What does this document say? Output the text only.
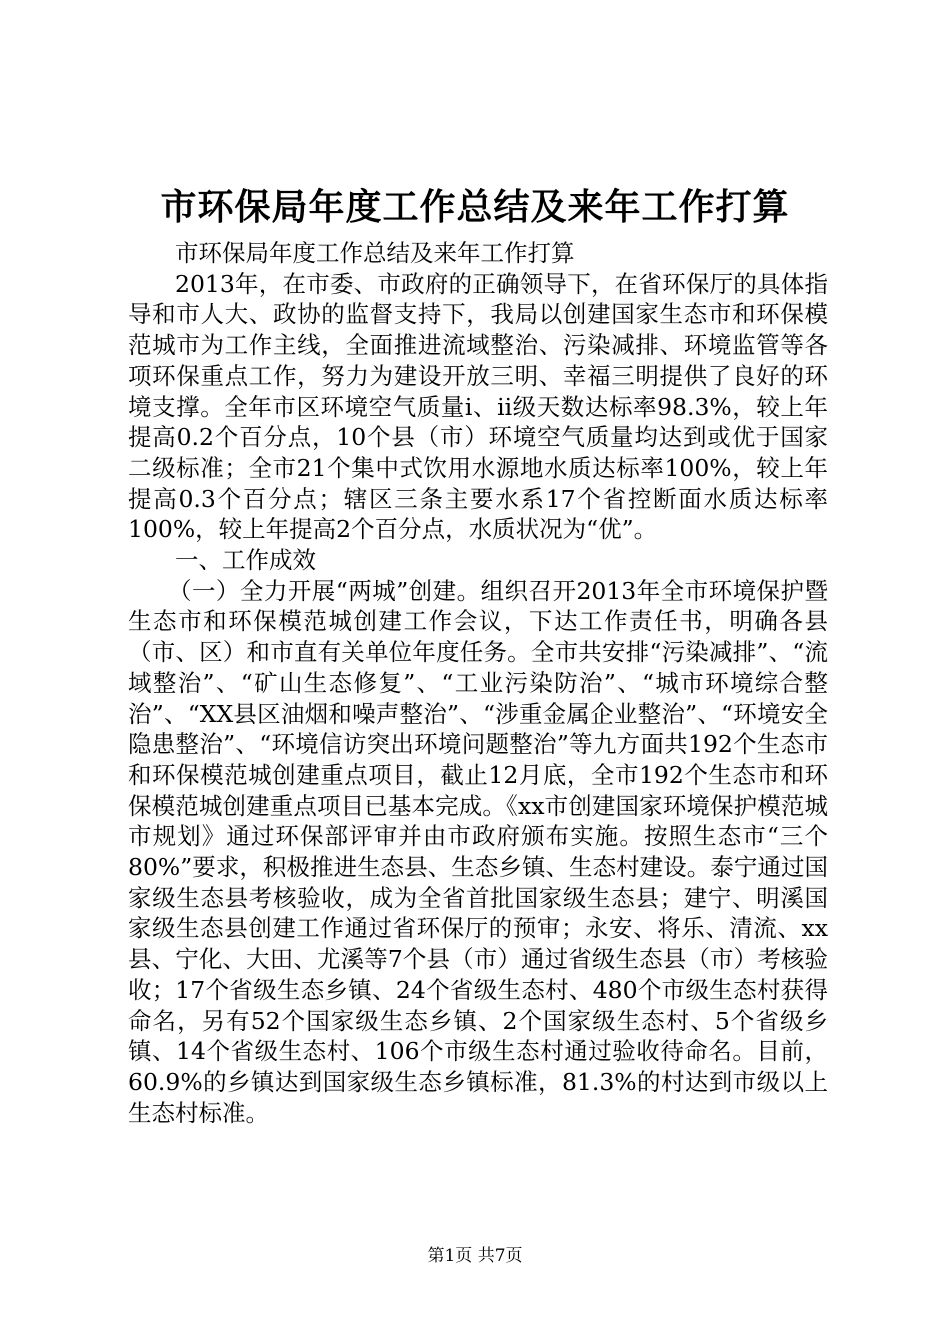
市环保局年度工作总结及来年工作打算

市环保局年度工作总结及来年工作打算

2013年，在市委、市政府的正确领导下，在省环保厅的具体指导和市人大、政协的监督支持下，我局以创建国家生态市和环保模范城市为工作主线，全面推进流域整治、污染减排、环境监管等各项环保重点工作，努力为建设开放三明、幸福三明提供了良好的环境支撑。全年市区环境空气质量ⅰ、ⅱ级天数达标率98.3%，较上年提高0.2个百分点，10个县（市）环境空气质量均达到或优于国家二级标准；全市21个集中式饮用水源地水质达标率100%，较上年提高0.3个百分点；辖区三条主要水系17个省控断面水质达标率100%，较上年提高2个百分点，水质状况为“优”。

一、工作成效

（一）全力开展“两城”创建。组织召开2013年全市环境保护暨生态市和环保模范城创建工作会议，下达工作责任书，明确各县（市、区）和市直有关单位年度任务。全市共安排“污染减排”、“流域整治”、“矿山生态修复”、“工业污染防治”、“城市环境综合整治”、“XX县区油烟和噪声整治”、“涉重金属企业整治”、“环境安全隐患整治”、“环境信访突出环境问题整治”等九方面共192个生态市和环保模范城创建重点项目，截止12月底，全市192个生态市和环保模范城创建重点项目已基本完成。《xx市创建国家环境保护模范城市规划》通过环保部评审并由市政府颁布实施。按照生态市“三个80%”要求，积极推进生态县、生态乡镇、生态村建设。泰宁通过国家级生态县考核验收，成为全省首批国家级生态县；建宁、明溪国家级生态县创建工作通过省环保厅的预审；永安、将乐、清流、xx县、宁化、大田、尤溪等7个县（市）通过省级生态县（市）考核验收；17个省级生态乡镇、24个省级生态村、480个市级生态村获得命名，另有52个国家级生态乡镇、2个国家级生态村、5个省级乡镇、14个省级生态村、106个市级生态村通过验收待命名。目前，60.9%的乡镇达到国家级生态乡镇标准，81.3%的村达到市级以上生态村标准。

第1页 共7页
